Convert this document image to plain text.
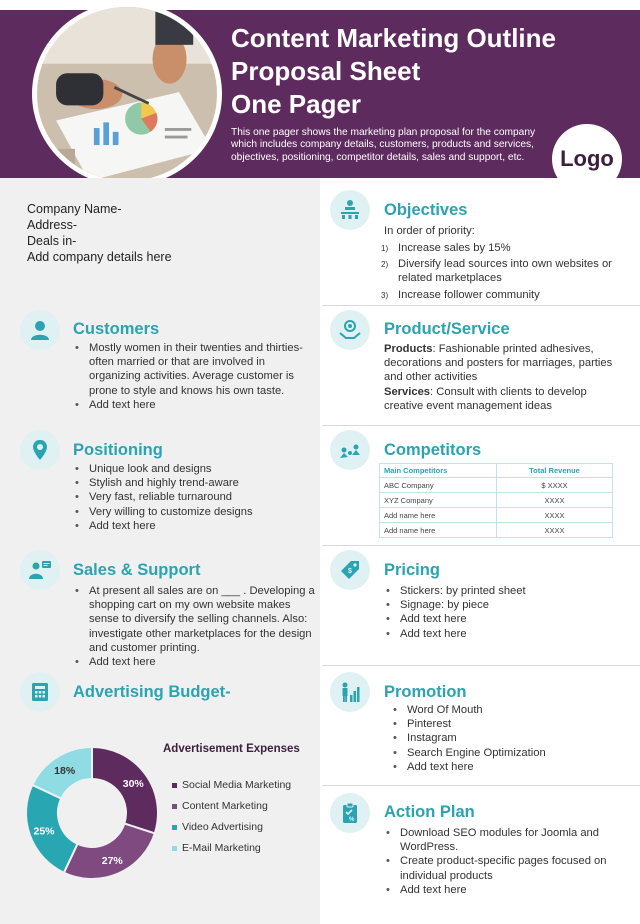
Content Marketing Outline
Proposal Sheet
One Pager
This one pager shows the marketing plan proposal for the company which includes company details, customers, products and services, objectives, positioning, competitor details, sales and support, etc.	Logo
Company Name-
Address-
Deals in-
Add company details here
Objectives
In order of priority:
1) Increase sales by 15%
2) Diversify lead sources into own websites or related marketplaces
3) Increase follower community
Customers
• Mostly women in their twenties and thirties-often married or that are involved in organizing activities. Average customer is prone to style and knows his own taste.
• Add text here
Product/Service
Products: Fashionable printed adhesives, decorations and posters for marriages, parties and other activities
Services: Consult with clients to develop creative event management ideas
Positioning
• Unique look and designs
• Stylish and highly trend-aware
• Very fast, reliable turnaround
• Very willing to customize designs
• Add text here
Competitors
Main Competitors	Total Revenue
ABC Company	$ XXXX
XYZ Company	XXXX
Add name here	XXXX
Add name here	XXXX
Sales & Support
• At present all sales are on ___ . Developing a shopping cart on my own website makes sense to diversify the selling channels. Also: investigate other marketplaces for the design and customer printing.
• Add text here
$ Pricing
• Stickers: by printed sheet
• Signage: by piece
• Add text here
• Add text here
Advertising Budget-
Advertisement Expenses
30%
27%
25%
18%
Social Media Marketing
Content Marketing
Video Advertising
E-Mail Marketing
Promotion
• Word Of Mouth
• Pinterest
• Instagram
• Search Engine Optimization
• Add text here
% Action Plan
• Download SEO modules for Joomla and WordPress.
• Create product-specific pages focused on individual products
• Add text here
